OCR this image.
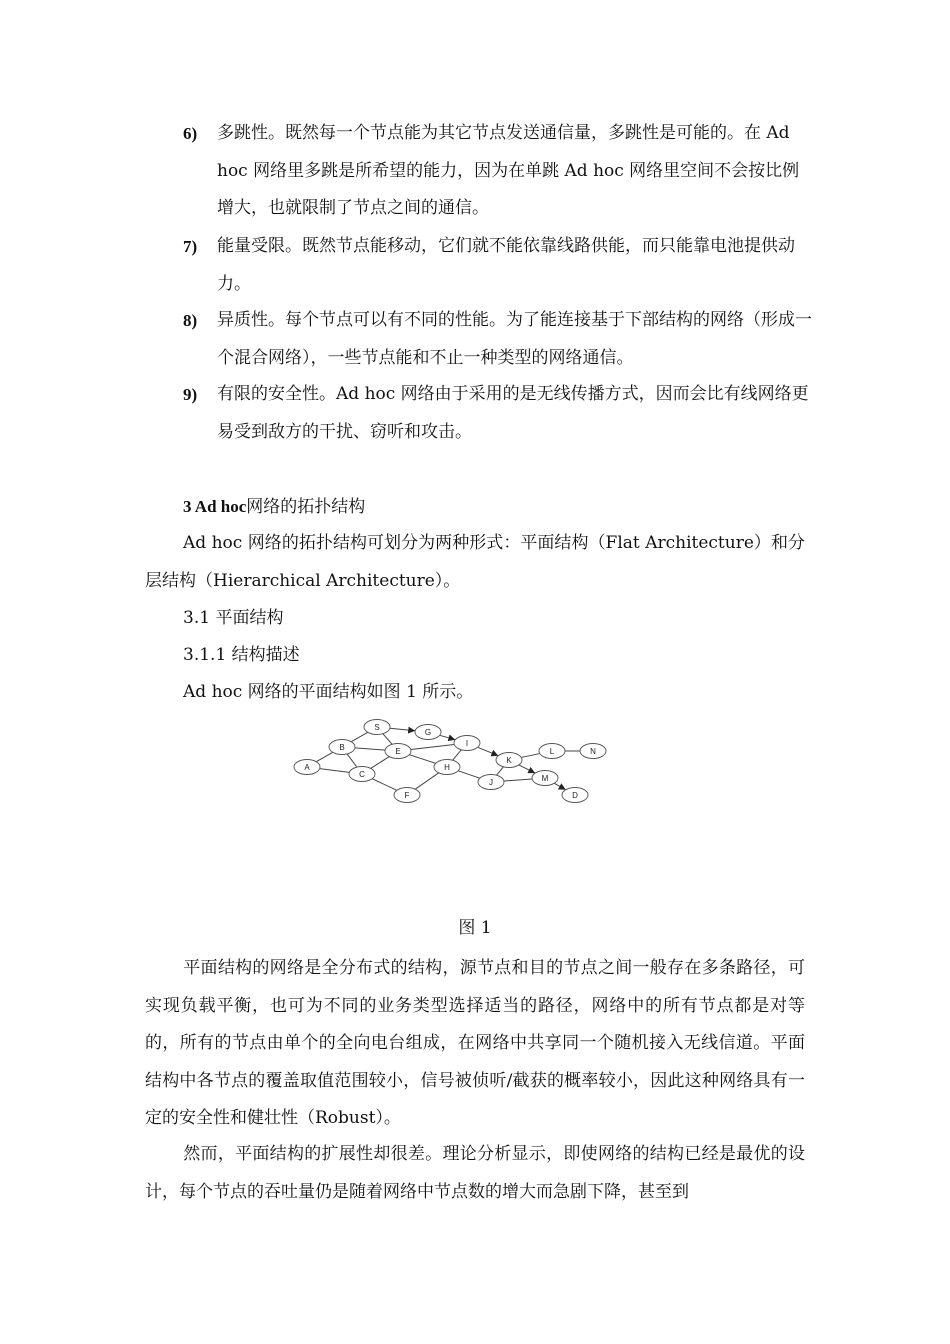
6) 多跳性。既然每一个节点能为其它节点发送通信量，多跳性是可能的。在 Ad hoc 网络里多跳是所希望的能力，因为在单跳 Ad hoc 网络里空间不会按比例增大，也就限制了节点之间的通信。
7) 能量受限。既然节点能移动，它们就不能依靠线路供能，而只能靠电池提供动力。
8) 异质性。每个节点可以有不同的性能。为了能连接基于下部结构的网络（形成一个混合网络），一些节点能和不止一种类型的网络通信。
9) 有限的安全性。Ad hoc 网络由于采用的是无线传播方式，因而会比有线网络更易受到敌方的干扰、窃听和攻击。
3 Ad hoc网络的拓扑结构
Ad hoc 网络的拓扑结构可划分为两种形式：平面结构（Flat Architecture）和分层结构（Hierarchical Architecture）。
3.1 平面结构
3.1.1 结构描述
Ad hoc 网络的平面结构如图 1 所示。
S
G
B	E
I
A
C
H
K
L	N
J	M
F	D
图 1
平面结构的网络是全分布式的结构，源节点和目的节点之间一般存在多条路径，可实现负载平衡，也可为不同的业务类型选择适当的路径，网络中的所有节点都是对等的，所有的节点由单个的全向电台组成，在网络中共享同一个随机接入无线信道。平面结构中各节点的覆盖取值范围较小，信号被侦听/截获的概率较小，因此这种网络具有一定的安全性和健壮性（Robust）。
然而，平面结构的扩展性却很差。理论分析显示，即使网络的结构已经是最优的设计，每个节点的吞吐量仍是随着网络中节点数的增大而急剧下降，甚至到
